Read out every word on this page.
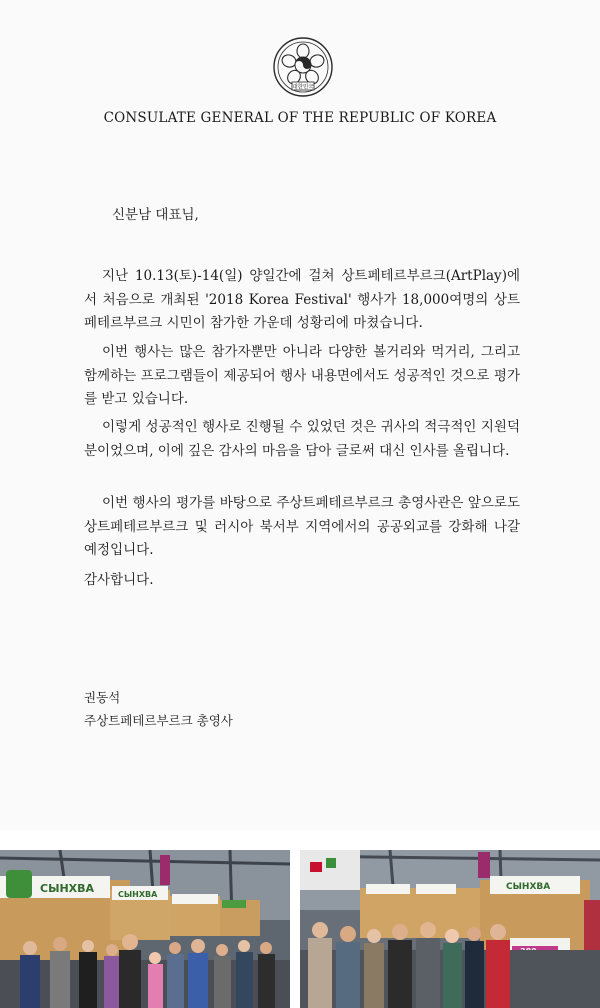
대한민국
CONSULATE GENERAL OF THE REPUBLIC OF KOREA
신분남 대표님,

지난 10.13(토)-14(일) 양일간에 걸쳐 상트페테르부르크(ArtPlay)에서 처음으로 개최된 '2018 Korea Festival' 행사가 18,000여명의 상트페테르부르크 시민이 참가한 가운데 성황리에 마쳤습니다.

이번 행사는 많은 참가자뿐만 아니라 다양한 볼거리와 먹거리, 그리고 함께하는 프로그램들이 제공되어 행사 내용면에서도 성공적인 것으로 평가를 받고 있습니다.

이렇게 성공적인 행사로 진행될 수 있었던 것은 귀사의 적극적인 지원덕분이었으며, 이에 깊은 감사의 마음을 담아 글로써 대신 인사를 올립니다.

이번 행사의 평가를 바탕으로 주상트페테르부르크 총영사관은 앞으로도 상트페테르부르크 및 러시아 북서부 지역에서의 공공외교를 강화해 나갈 예정입니다.

감사합니다.
권동석
주상트페테르부르크 총영사
СЫНХВА	СЫНХВА
СЫНХВА
